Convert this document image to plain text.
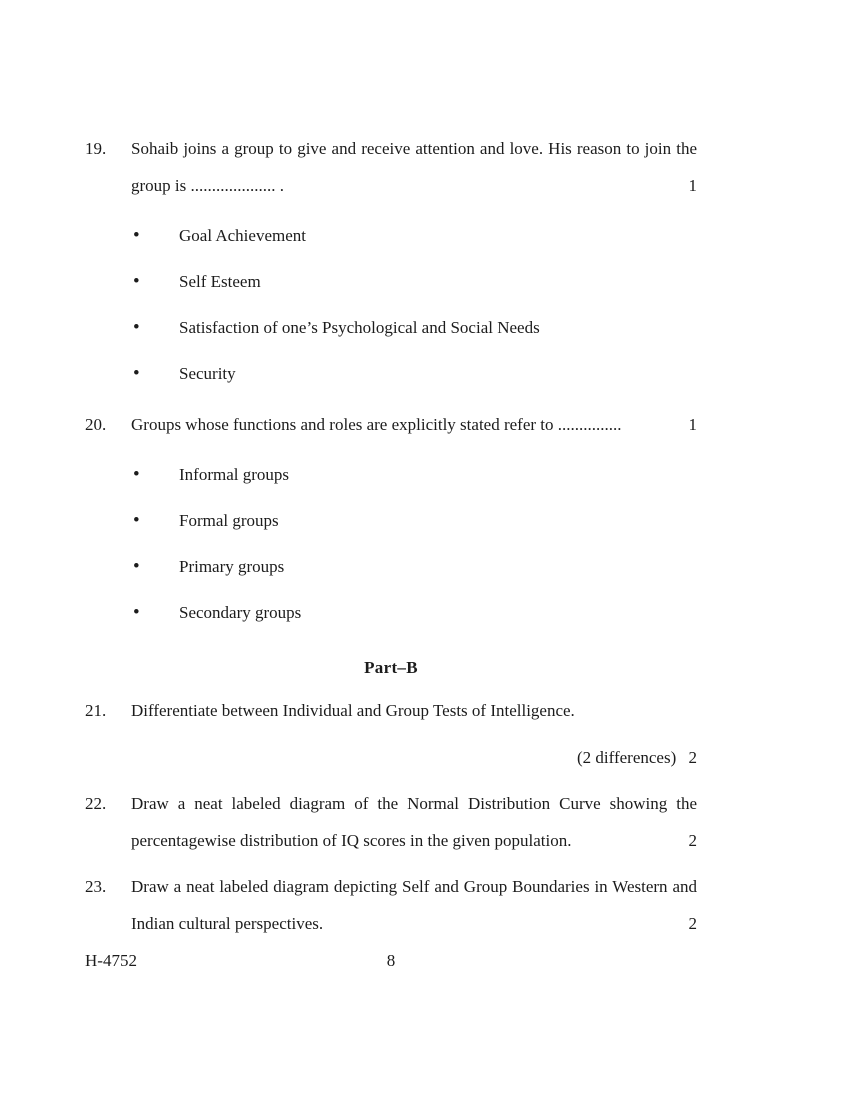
19.	Sohaib joins a group to give and receive attention and love. His reason to join the group is .................... .	1
• Goal Achievement
• Self Esteem
• Satisfaction of one’s Psychological and Social Needs
• Security
20.	Groups whose functions and roles are explicitly stated refer to ...............	1
• Informal groups
• Formal groups
• Primary groups
• Secondary groups
Part–B
21.	Differentiate between Individual and Group Tests of Intelligence.
(2 differences) 2
22.	Draw a neat labeled diagram of the Normal Distribution Curve showing the percentagewise distribution of IQ scores in the given population.	2
23.	Draw a neat labeled diagram depicting Self and Group Boundaries in Western and Indian cultural perspectives.	2
H-4752	8
